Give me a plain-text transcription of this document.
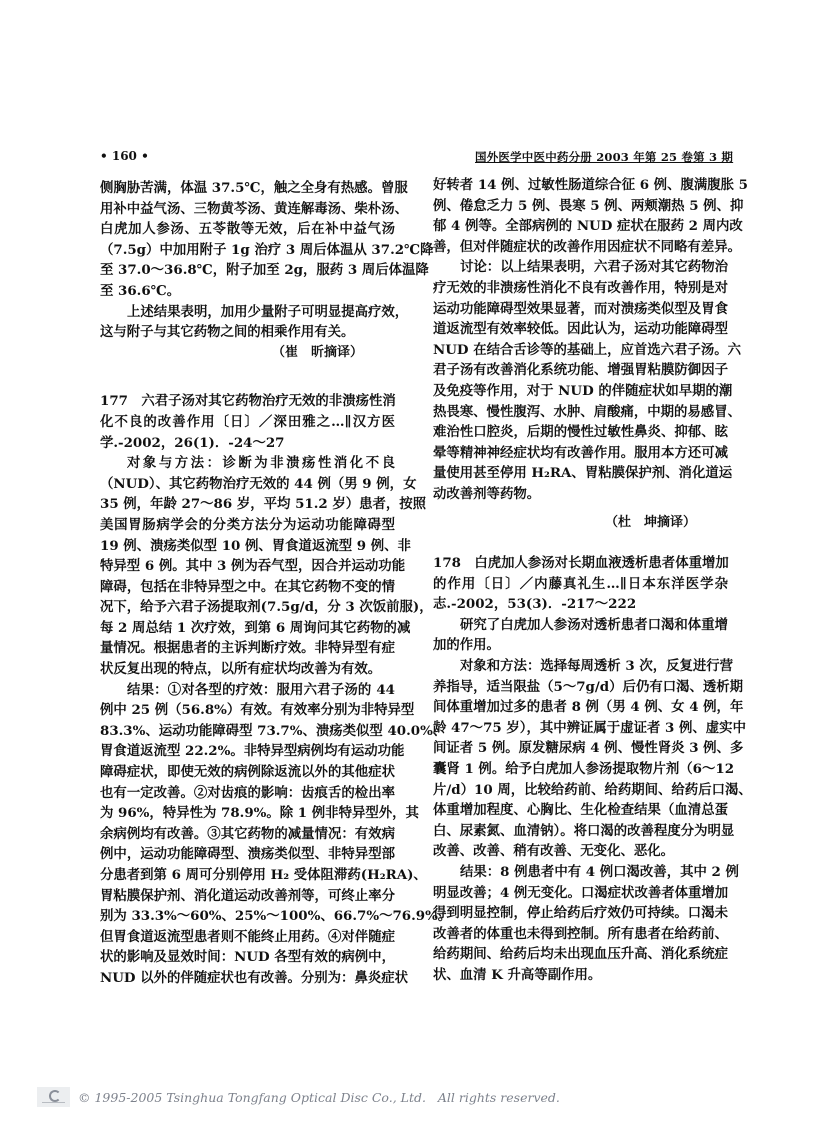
• 160 •	国外医学中医中药分册 2003 年第 25 卷第 3 期
侧胸胁苦满，体温 37.5℃，触之全身有热感。曾服
用补中益气汤、三物黄芩汤、黄连解毒汤、柴朴汤、
白虎加人参汤、五苓散等无效，后在补中益气汤
（7.5g）中加用附子 1g 治疗 3 周后体温从 37.2℃降
至 37.0～36.8℃，附子加至 2g，服药 3 周后体温降
至 36.6℃。
上述结果表明，加用少量附子可明显提高疗效，
这与附子与其它药物之间的相乘作用有关。
（崔　昕摘译）
177　六君子汤对其它药物治疗无效的非溃疡性消
化不良的改善作用〔日〕／深田雅之…∥汉方医
学.-2002，26(1)．-24～27
对象与方法：诊断为非溃疡性消化不良
（NUD）、其它药物治疗无效的 44 例（男 9 例，女
35 例，年龄 27～86 岁，平均 51.2 岁）患者，按照
美国胃肠病学会的分类方法分为运动功能障碍型
19 例、溃疡类似型 10 例、胃食道返流型 9 例、非
特异型 6 例。其中 3 例为吞气型，因合并运动功能
障碍，包括在非特异型之中。在其它药物不变的情
况下，给予六君子汤提取剂(7.5g/d，分 3 次饭前服)，
每 2 周总结 1 次疗效，到第 6 周询问其它药物的减
量情况。根据患者的主诉判断疗效。非特异型有症
状反复出现的特点，以所有症状均改善为有效。
结果：①对各型的疗效：服用六君子汤的 44
例中 25 例（56.8%）有效。有效率分别为非特异型
83.3%、运动功能障碍型 73.7%、溃疡类似型 40.0%、
胃食道返流型 22.2%。非特异型病例均有运动功能
障碍症状，即使无效的病例除返流以外的其他症状
也有一定改善。②对齿痕的影响：齿痕舌的检出率
为 96%，特异性为 78.9%。除 1 例非特异型外，其
余病例均有改善。③其它药物的减量情况：有效病
例中，运动功能障碍型、溃疡类似型、非特异型部
分患者到第 6 周可分别停用 H₂ 受体阻滞药(H₂RA)、
胃粘膜保护剂、消化道运动改善剂等，可终止率分
别为 33.3%～60%、25%～100%、66.7%～76.9%。
但胃食道返流型患者则不能终止用药。④对伴随症
状的影响及显效时间：NUD 各型有效的病例中，
NUD 以外的伴随症状也有改善。分别为：鼻炎症状
好转者 14 例、过敏性肠道综合征 6 例、腹满腹胀 5
例、倦怠乏力 5 例、畏寒 5 例、两颊潮热 5 例、抑
郁 4 例等。全部病例的 NUD 症状在服药 2 周内改
善，但对伴随症状的改善作用因症状不同略有差异。
讨论：以上结果表明，六君子汤对其它药物治
疗无效的非溃疡性消化不良有改善作用，特别是对
运动功能障碍型效果显著，而对溃疡类似型及胃食
道返流型有效率较低。因此认为，运动功能障碍型
NUD 在结合舌诊等的基础上，应首选六君子汤。六
君子汤有改善消化系统功能、增强胃粘膜防御因子
及免疫等作用，对于 NUD 的伴随症状如早期的潮
热畏寒、慢性腹泻、水肿、肩酸痛，中期的易感冒、
难治性口腔炎，后期的慢性过敏性鼻炎、抑郁、眩
晕等精神神经症状均有改善作用。服用本方还可减
量使用甚至停用 H₂RA、胃粘膜保护剂、消化道运
动改善剂等药物。
（杜　坤摘译）
178　白虎加人参汤对长期血液透析患者体重增加
的作用〔日〕／内藤真礼生…∥日本东洋医学杂
志.-2002，53(3)．-217～222
研究了白虎加人参汤对透析患者口渴和体重增
加的作用。
对象和方法：选择每周透析 3 次，反复进行营
养指导，适当限盐（5～7g/d）后仍有口渴、透析期
间体重增加过多的患者 8 例（男 4 例、女 4 例，年
龄 47～75 岁），其中辨证属于虚证者 3 例、虚实中
间证者 5 例。原发糖尿病 4 例、慢性肾炎 3 例、多
囊肾 1 例。给予白虎加人参汤提取物片剂（6～12
片/d）10 周，比较给药前、给药期间、给药后口渴、
体重增加程度、心胸比、生化检查结果（血清总蛋
白、尿素氮、血清钠）。将口渴的改善程度分为明显
改善、改善、稍有改善、无变化、恶化。
结果：8 例患者中有 4 例口渴改善，其中 2 例
明显改善；4 例无变化。口渴症状改善者体重增加
得到明显控制，停止给药后疗效仍可持续。口渴未
改善者的体重也未得到控制。所有患者在给药前、
给药期间、给药后均未出现血压升高、消化系统症
状、血清 K 升高等副作用。
© 1995-2005 Tsinghua Tongfang Optical Disc Co., Ltd.   All rights reserved.
